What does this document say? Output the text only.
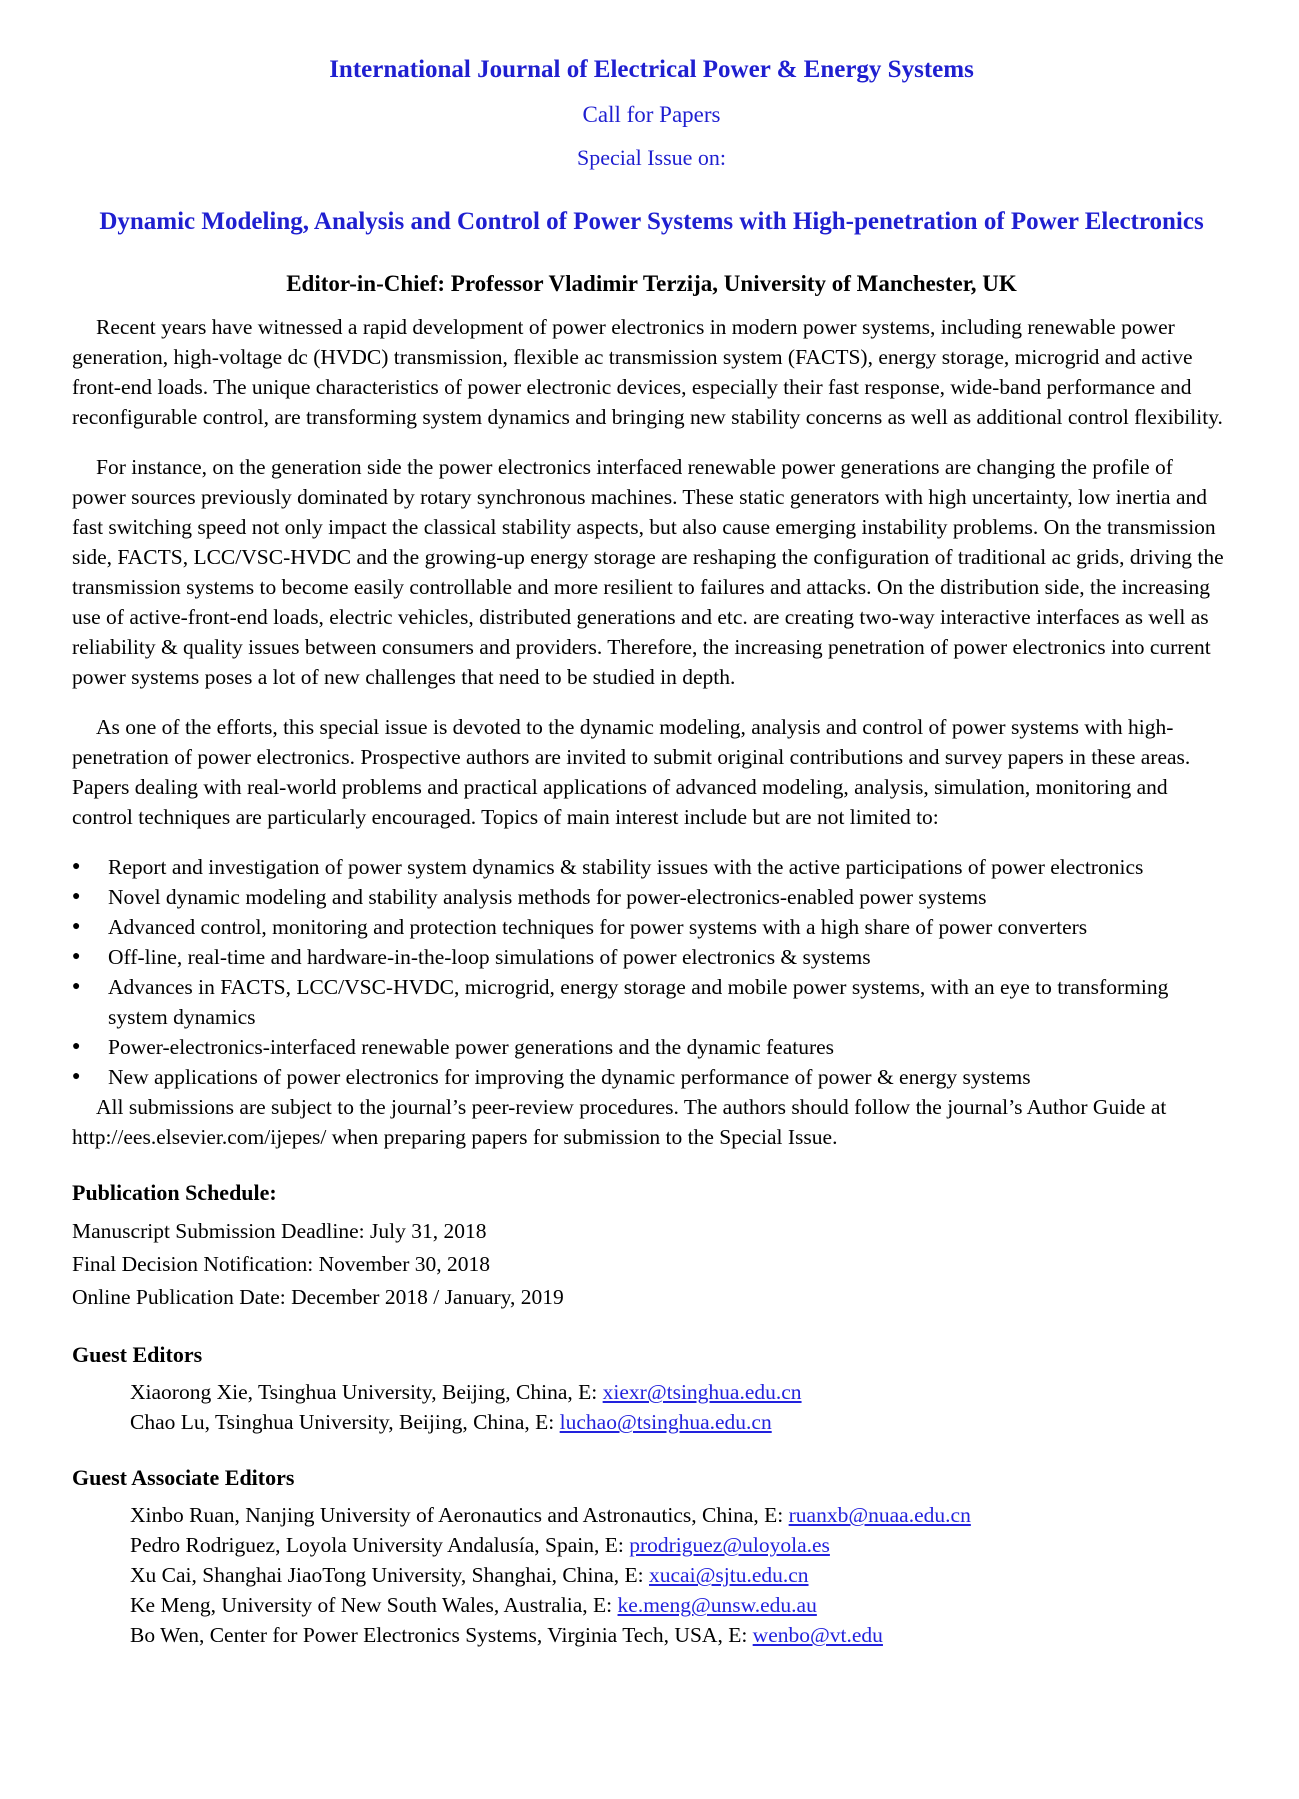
International Journal of Electrical Power & Energy Systems
Call for Papers
Special Issue on:
Dynamic Modeling, Analysis and Control of Power Systems with High-penetration of Power Electronics
Editor-in-Chief: Professor Vladimir Terzija, University of Manchester, UK

Recent years have witnessed a rapid development of power electronics in modern power systems, including renewable power generation, high-voltage dc (HVDC) transmission, flexible ac transmission system (FACTS), energy storage, microgrid and active front-end loads. The unique characteristics of power electronic devices, especially their fast response, wide-band performance and reconfigurable control, are transforming system dynamics and bringing new stability concerns as well as additional control flexibility.

For instance, on the generation side the power electronics interfaced renewable power generations are changing the profile of power sources previously dominated by rotary synchronous machines. These static generators with high uncertainty, low inertia and fast switching speed not only impact the classical stability aspects, but also cause emerging instability problems. On the transmission side, FACTS, LCC/VSC-HVDC and the growing-up energy storage are reshaping the configuration of traditional ac grids, driving the transmission systems to become easily controllable and more resilient to failures and attacks. On the distribution side, the increasing use of active-front-end loads, electric vehicles, distributed generations and etc. are creating two-way interactive interfaces as well as reliability & quality issues between consumers and providers. Therefore, the increasing penetration of power electronics into current power systems poses a lot of new challenges that need to be studied in depth.

As one of the efforts, this special issue is devoted to the dynamic modeling, analysis and control of power systems with high-penetration of power electronics. Prospective authors are invited to submit original contributions and survey papers in these areas. Papers dealing with real-world problems and practical applications of advanced modeling, analysis, simulation, monitoring and control techniques are particularly encouraged. Topics of main interest include but are not limited to:

●	Report and investigation of power system dynamics & stability issues with the active participations of power electronics
●	Novel dynamic modeling and stability analysis methods for power-electronics-enabled power systems
●	Advanced control, monitoring and protection techniques for power systems with a high share of power converters
●	Off-line, real-time and hardware-in-the-loop simulations of power electronics & systems
●	Advances in FACTS, LCC/VSC-HVDC, microgrid, energy storage and mobile power systems, with an eye to transforming system dynamics
●	Power-electronics-interfaced renewable power generations and the dynamic features
●	New applications of power electronics for improving the dynamic performance of power & energy systems

All submissions are subject to the journal’s peer-review procedures. The authors should follow the journal’s Author Guide at http://ees.elsevier.com/ijepes/ when preparing papers for submission to the Special Issue.

Publication Schedule:
Manuscript Submission Deadline: July 31, 2018
Final Decision Notification: November 30, 2018
Online Publication Date: December 2018 / January, 2019
Guest Editors
Xiaorong Xie, Tsinghua University, Beijing, China, E: xiexr@tsinghua.edu.cn
Chao Lu, Tsinghua University, Beijing, China, E: luchao@tsinghua.edu.cn
Guest Associate Editors
Xinbo Ruan, Nanjing University of Aeronautics and Astronautics, China, E: ruanxb@nuaa.edu.cn
Pedro Rodriguez, Loyola University Andalusía, Spain, E: prodriguez@uloyola.es
Xu Cai, Shanghai JiaoTong University, Shanghai, China, E: xucai@sjtu.edu.cn
Ke Meng, University of New South Wales, Australia, E: ke.meng@unsw.edu.au
Bo Wen, Center for Power Electronics Systems, Virginia Tech, USA, E: wenbo@vt.edu
